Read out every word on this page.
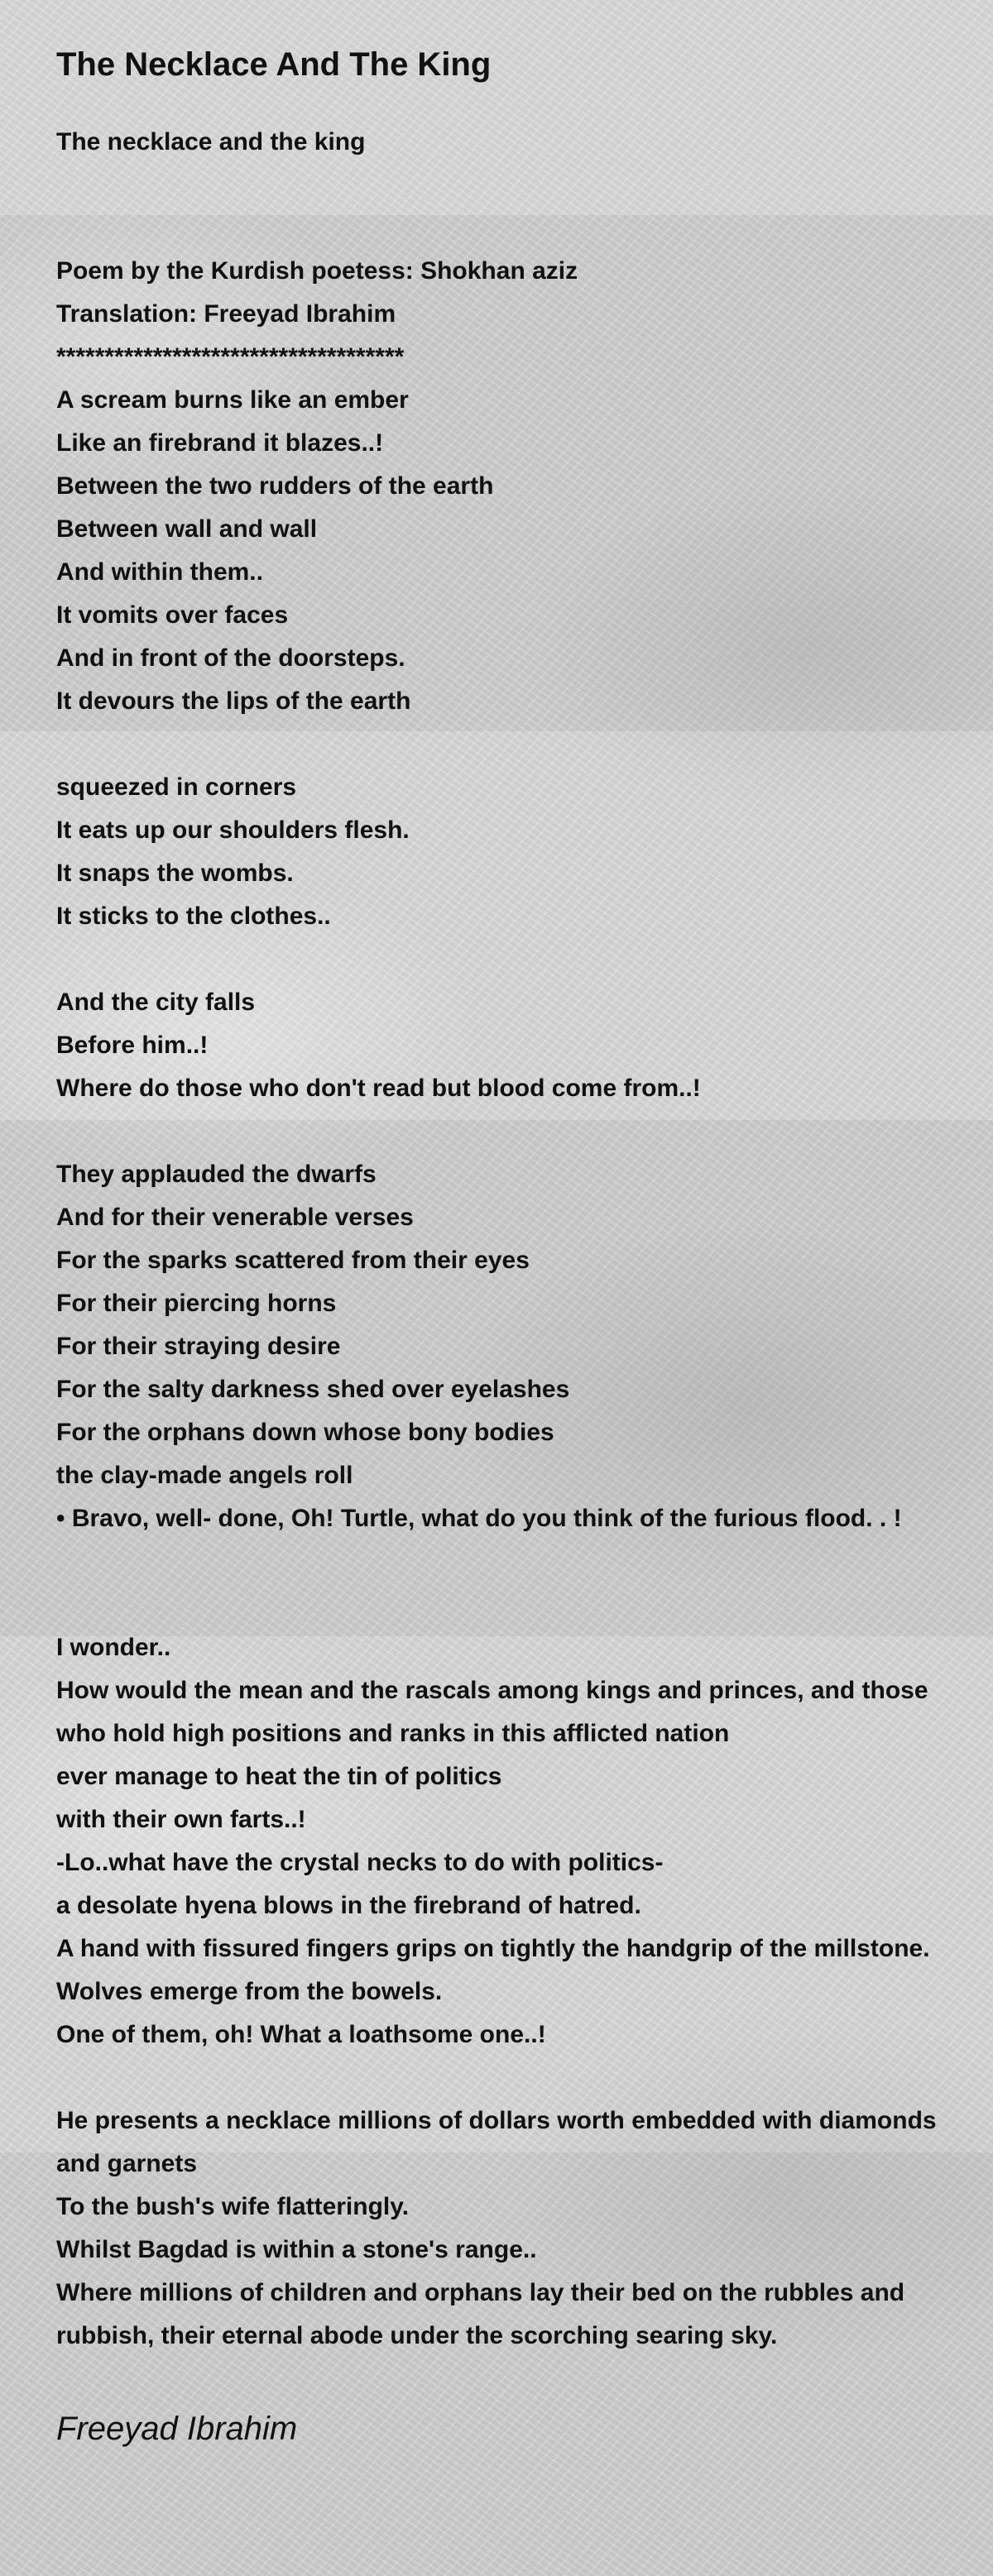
The Necklace And The King
The necklace and the king
Poem by the Kurdish poetess: Shokhan aziz
Translation: Freeyad Ibrahim
************************************
A scream burns like an ember
Like an firebrand it blazes..!
Between the two rudders of the earth
Between wall and wall
And within them..
It vomits over faces
And in front of the doorsteps.
It devours the lips of the earth
squeezed in corners
It eats up our shoulders flesh.
It snaps the wombs.
It sticks to the clothes..
And the city falls
Before him..!
Where do those who don't read but blood come from..!
They applauded the dwarfs
And for their venerable verses
For the sparks scattered from their eyes
For their piercing horns
For their straying desire
For the salty darkness shed over eyelashes
For the orphans down whose bony bodies
the clay-made angels roll
• Bravo, well- done, Oh! Turtle, what do you think of the furious flood. . !
I wonder..
How would the mean and the rascals among kings and princes, and those who hold high positions and ranks in this afflicted nation
ever manage to heat the tin of politics
with their own farts..!
-Lo..what have the crystal necks to do with politics-
a desolate hyena blows in the firebrand of hatred.
A hand with fissured fingers grips on tightly the handgrip of the millstone.
Wolves emerge from the bowels.
One of them, oh! What a loathsome one..!
He presents a necklace millions of dollars worth embedded with diamonds and garnets
To the bush's wife flatteringly.
Whilst Bagdad is within a stone's range..
Where millions of children and orphans lay their bed on the rubbles and rubbish, their eternal abode under the scorching searing sky.
Freeyad Ibrahim
